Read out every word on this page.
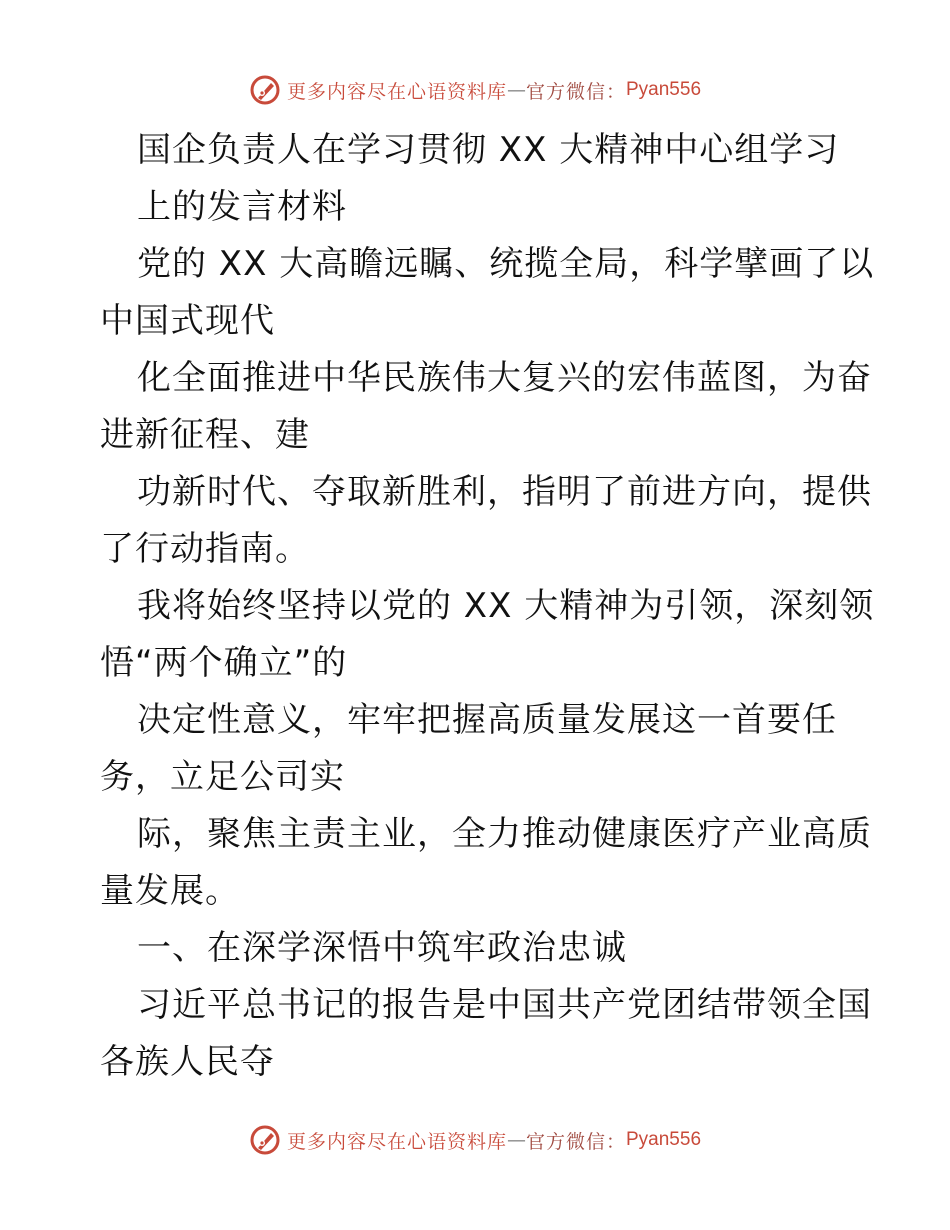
更多内容尽在心语资料库 — 官方微信： Pyan556
国企负责人在学习贯彻 XX 大精神中心组学习
上的发言材料
党的 XX 大高瞻远瞩、统揽全局，科学擘画了以
中国式现代
化全面推进中华民族伟大复兴的宏伟蓝图，为奋
进新征程、建
功新时代、夺取新胜利，指明了前进方向，提供
了行动指南。
我将始终坚持以党的 XX 大精神为引领，深刻领
悟“两个确立”的
决定性意义，牢牢把握高质量发展这一首要任
务，立足公司实
际，聚焦主责主业，全力推动健康医疗产业高质
量发展。
一、在深学深悟中筑牢政治忠诚
习近平总书记的报告是中国共产党团结带领全国
各族人民夺
更多内容尽在心语资料库 — 官方微信： Pyan556
